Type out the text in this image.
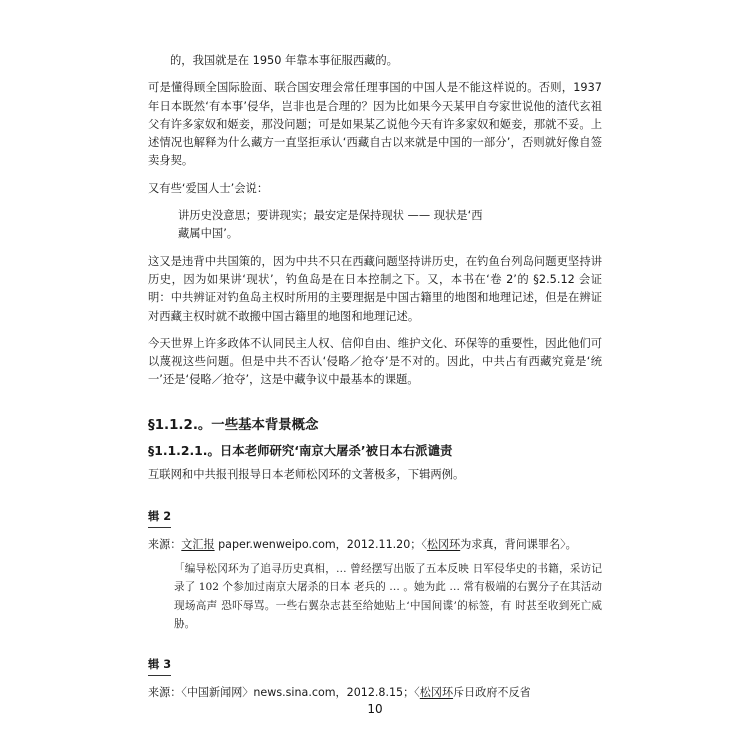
的，我国就是在 1950 年靠本事征服西藏的。

可是懂得顾全国际脸面、联合国安理会常任理事国的中国人是不能这样说的。否则，1937 年日本既然‘有本事’侵华，岂非也是合理的？因为比如果今天某甲自夸家世说他的渣代玄祖父有许多家奴和姬妾，那没问题；可是如果某乙说他今天有许多家奴和姬妾，那就不妥。上述情况也解释为什么藏方一直坚拒承认‘西藏自古以来就是中国的一部分’，否则就好像自签卖身契。

又有些‘爱国人士’会说：

讲历史没意思；要讲现实；最安定是保持现状 —— 现状是‘西
藏属中国’。

这又是违背中共国策的，因为中共不只在西藏问题坚持讲历史，在钓鱼台列岛问题更坚持讲历史，因为如果讲‘现状’，钓鱼岛是在日本控制之下。又，本书在‘卷 2’的 §2.5.12 会证明：中共辨证对钓鱼岛主权时所用的主要理据是中国古籍里的地图和地理记述，但是在辨证对西藏主权时就不敢搬中国古籍里的地图和地理记述。

今天世界上许多政体不认同民主人权、信仰自由、维护文化、环保等的重要性，因此他们可以蔑视这些问题。但是中共不否认‘侵略／抢夺’是不对的。因此，中共占有西藏究竟是‘统一’还是‘侵略／抢夺’，这是中藏争议中最基本的课题。

§1.1.2.。一些基本背景概念
§1.1.2.1.。日本老师研究‘南京大屠杀’被日本右派谴责

互联网和中共报刊报导日本老师松冈环的文著极多，下辑两例。

辑 2

来源：文汇报 paper.wenweipo.com，2012.11.20；〈松冈环为求真，背问课罪名〉。

「编导松冈环为了追寻历史真相，… 曾经摆写出版了五本反映 日军侵华史的书籍，采访记录了 102 个参加过南京大屠杀的日本 老兵的 … 。她为此 … 常有极端的右翼分子在其活动现场高声 恐吓辱骂。一些右翼杂志甚至给她贴上‘中国间谍’的标签，有 时甚至收到死亡威胁。
辑 3

来源：〈中国新闻网〉news.sina.com，2012.8.15；〈松冈环斥日政府不反省

10
